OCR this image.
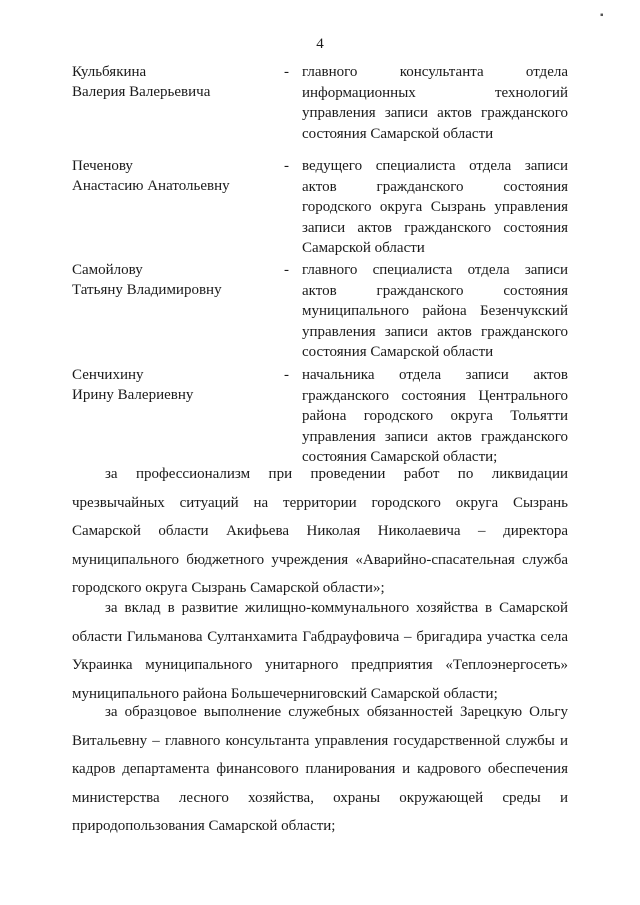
4
▪
Кульбякина
Валерия Валерьевича
- главного консультанта отдела информационных технологий управления записи актов гражданского состояния Самарской области
Печенову
Анастасию Анатольевну
- ведущего специалиста отдела записи актов гражданского состояния городского округа Сызрань управления записи актов гражданского состояния Самарской области
Самойлову
Татьяну Владимировну
- главного специалиста отдела записи актов гражданского состояния муниципального района Безенчукский управления записи актов гражданского состояния Самарской области
Сенчихину
Ирину Валериевну
- начальника отдела записи актов гражданского состояния Центрального района городского округа Тольятти управления записи актов гражданского состояния Самарской области;

за профессионализм при проведении работ по ликвидации чрезвычайных ситуаций на территории городского округа Сызрань Самарской области Акифьева Николая Николаевича – директора муниципального бюджетного учреждения «Аварийно-спасательная служба городского округа Сызрань Самарской области»;

за вклад в развитие жилищно-коммунального хозяйства в Самарской области Гильманова Султанхамита Габдрауфовича – бригадира участка села Украинка муниципального унитарного предприятия «Теплоэнергосеть» муниципального района Большечерниговский Самарской области;

за образцовое выполнение служебных обязанностей Зарецкую Ольгу Витальевну – главного консультанта управления государственной службы и кадров департамента финансового планирования и кадрового обеспечения министерства лесного хозяйства, охраны окружающей среды и природопользования Самарской области;
